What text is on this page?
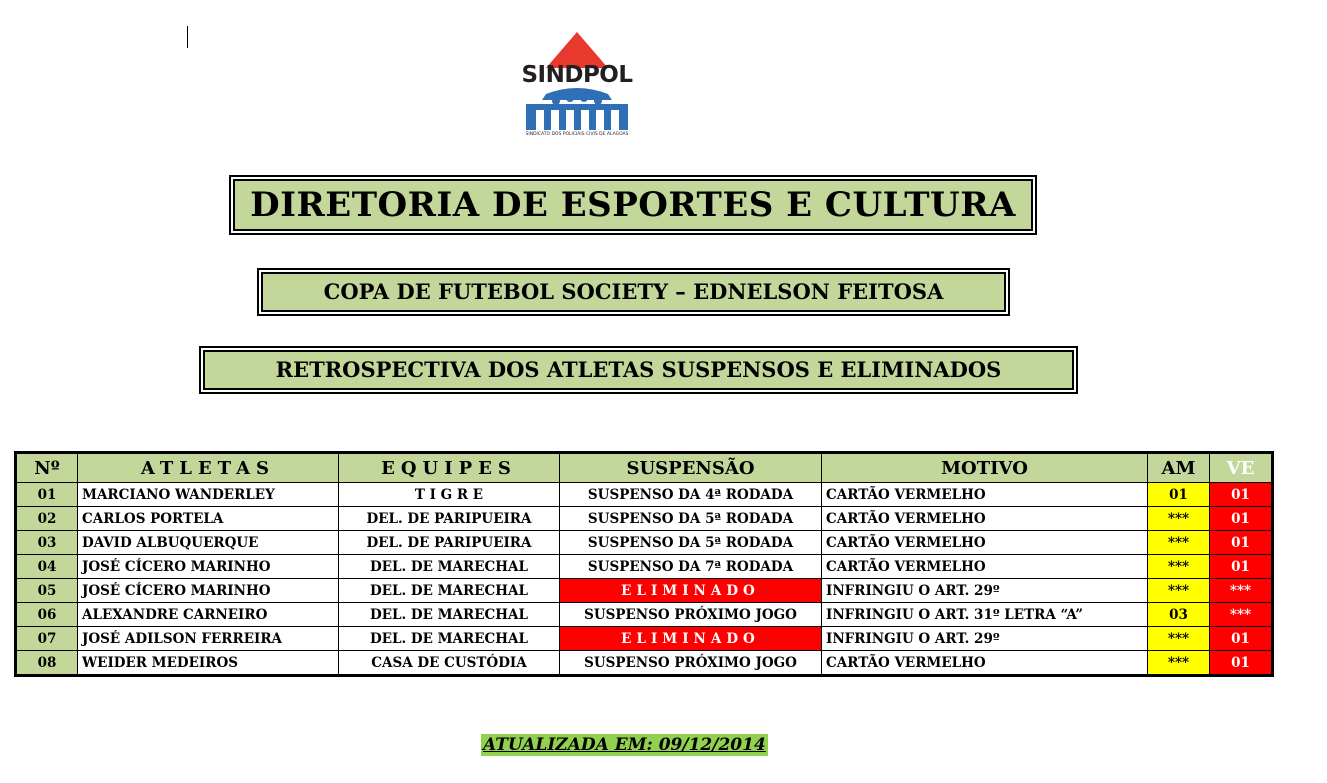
SINDPOL
SINDICATO DOS POLICIAIS CIVIS DE ALAGOAS
DIRETORIA DE ESPORTES E CULTURA
COPA DE FUTEBOL SOCIETY – EDNELSON FEITOSA
RETROSPECTIVA DOS ATLETAS SUSPENSOS E ELIMINADOS
Nº	ATLETAS	EQUIPES	SUSPENSÃO	MOTIVO	AM	VE
01	MARCIANO WANDERLEY	T I G R E	SUSPENSO DA 4ª RODADA	CARTÃO VERMELHO	01	01
02	CARLOS PORTELA	DEL. DE PARIPUEIRA	SUSPENSO DA 5ª RODADA	CARTÃO VERMELHO	***	01
03	DAVID ALBUQUERQUE	DEL. DE PARIPUEIRA	SUSPENSO DA 5ª RODADA	CARTÃO VERMELHO	***	01
04	JOSÉ CÍCERO MARINHO	DEL. DE MARECHAL	SUSPENSO DA 7ª RODADA	CARTÃO VERMELHO	***	01
05	JOSÉ CÍCERO MARINHO	DEL. DE MARECHAL	ELIMINADO	INFRINGIU O ART. 29º	***	***
06	ALEXANDRE CARNEIRO	DEL. DE MARECHAL	SUSPENSO PRÓXIMO JOGO	INFRINGIU O ART. 31º LETRA “A”	03	***
07	JOSÉ ADILSON FERREIRA	DEL. DE MARECHAL	ELIMINADO	INFRINGIU O ART. 29º	***	01
08	WEIDER MEDEIROS	CASA DE CUSTÓDIA	SUSPENSO PRÓXIMO JOGO	CARTÃO VERMELHO	***	01
ATUALIZADA EM: 09/12/2014
